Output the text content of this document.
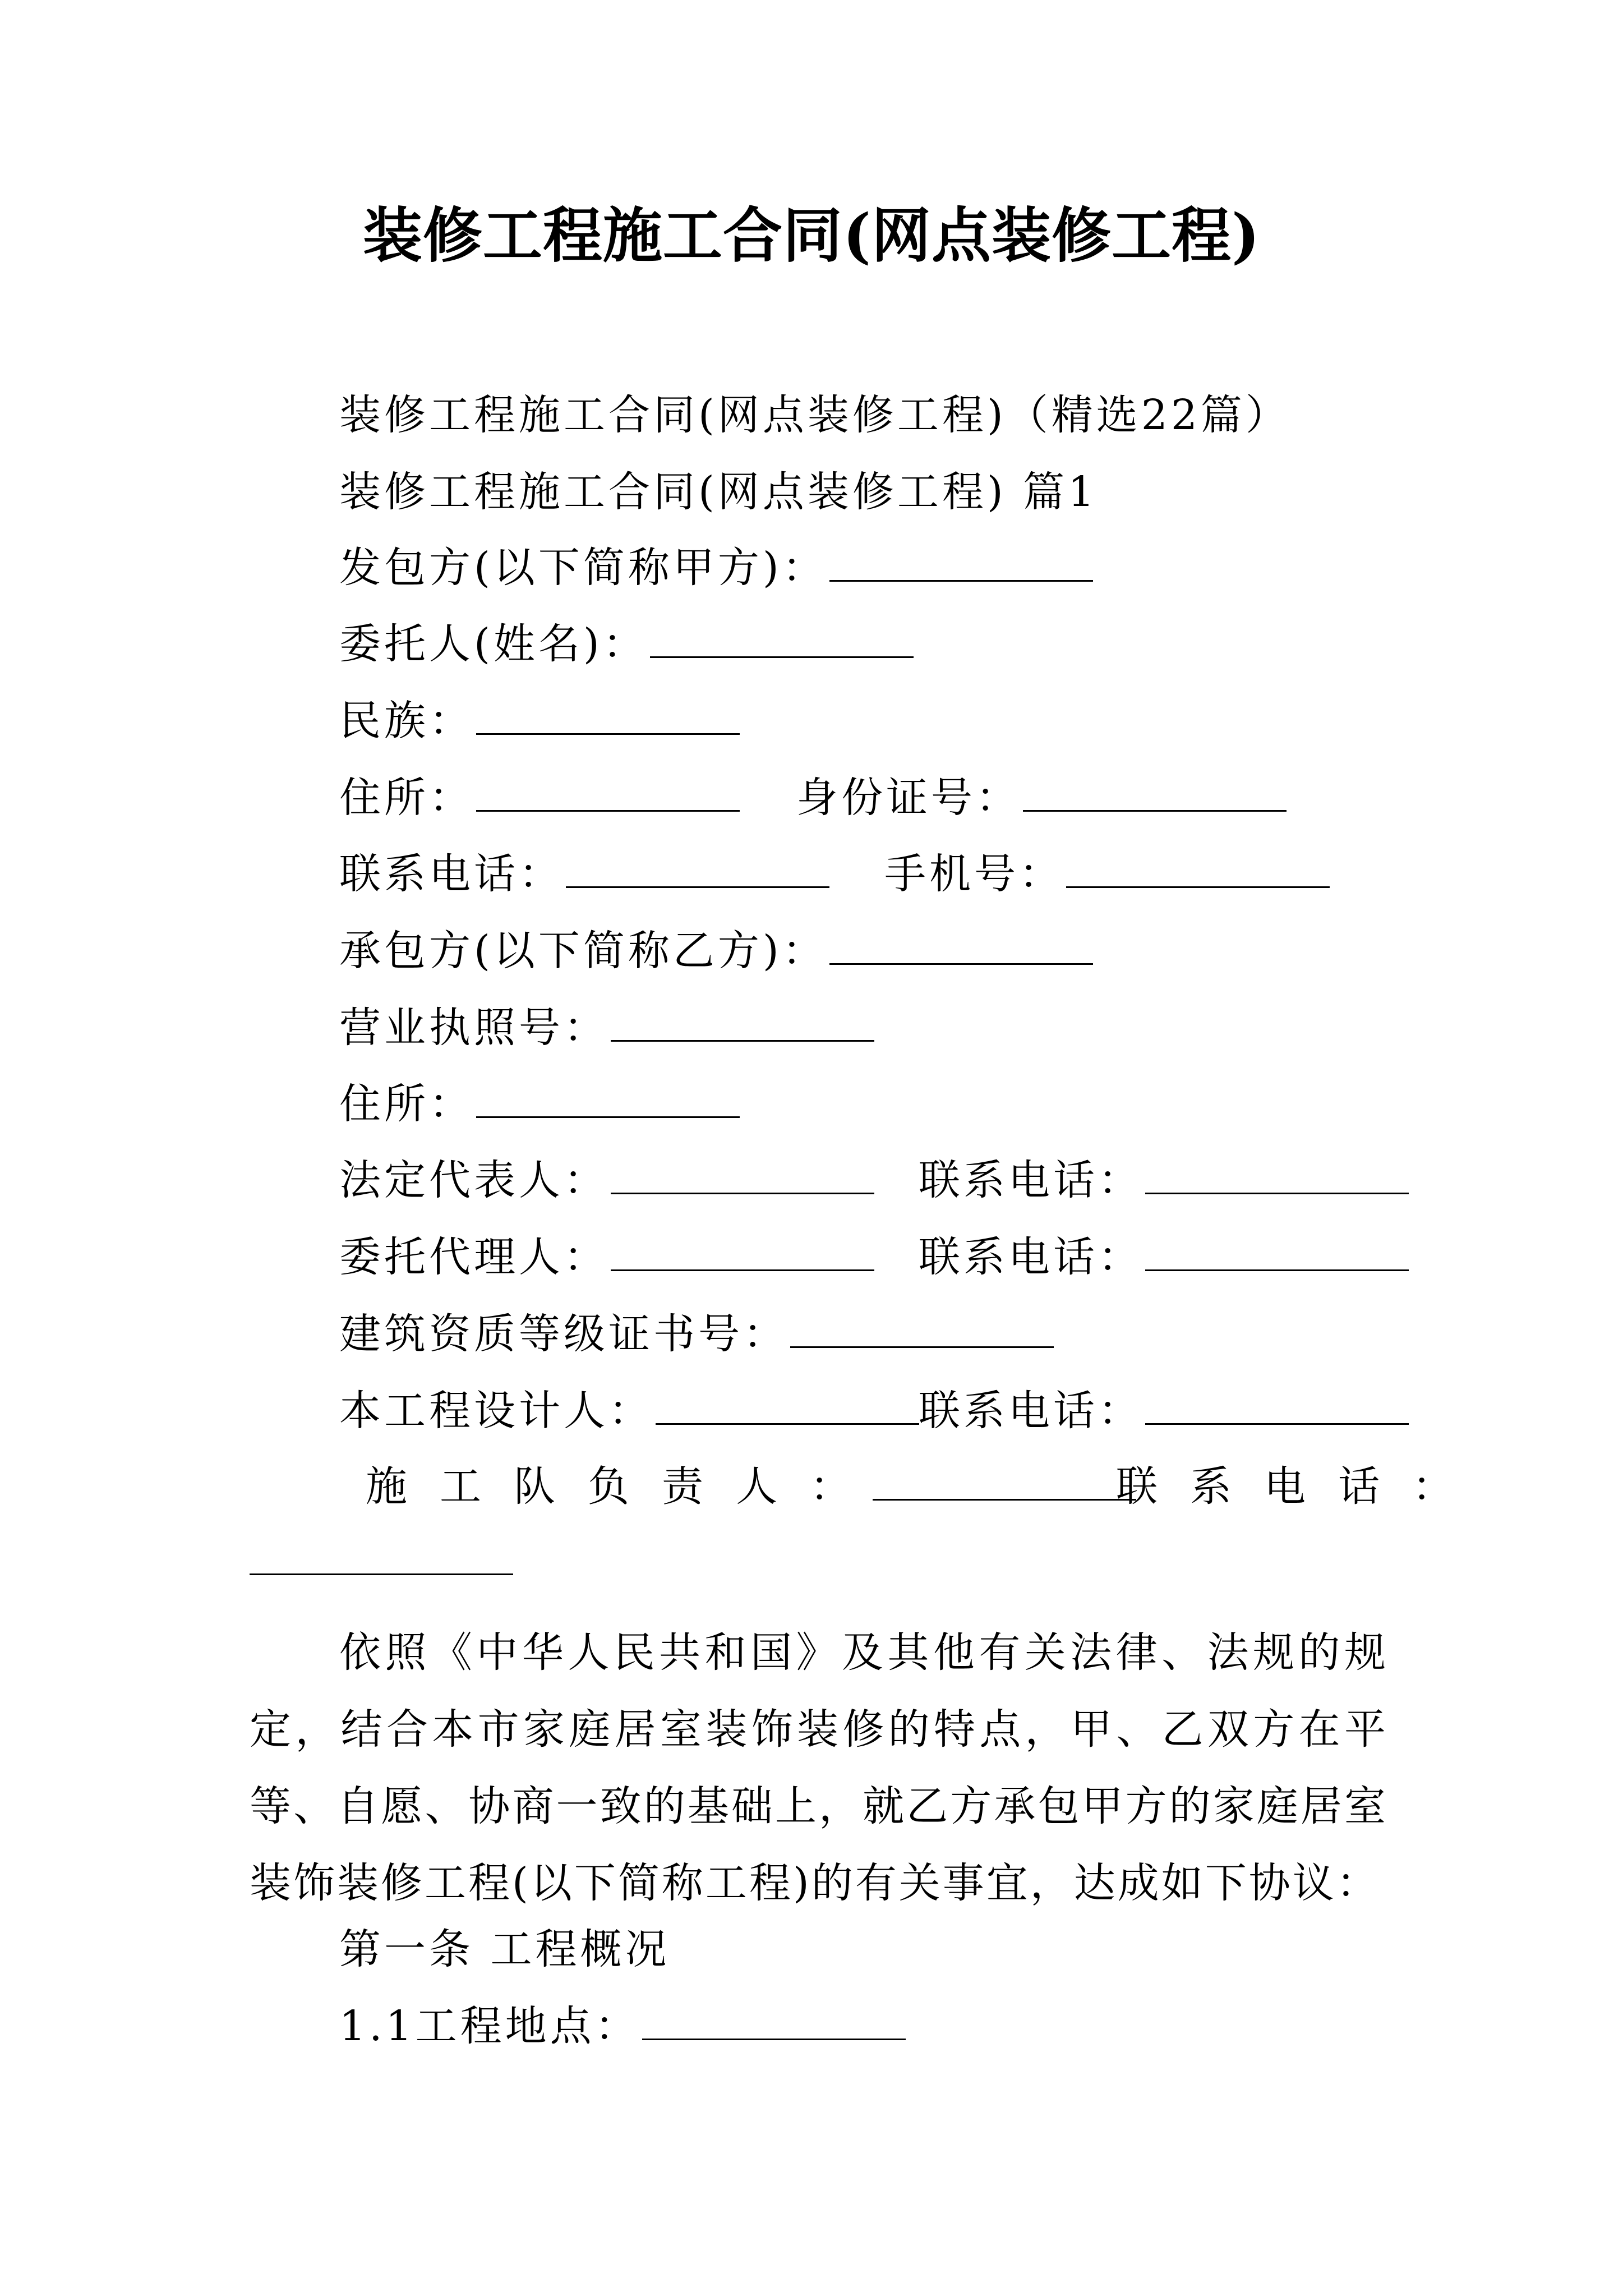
装修工程施工合同(网点装修工程)
装修工程施工合同(网点装修工程)（精选22篇）
装修工程施工合同(网点装修工程) 篇1
发包方(以下简称甲方)：
委托人(姓名)：
民族：
住所：	身份证号：
联系电话：	手机号：
承包方(以下简称乙方)：
营业执照号：
住所：
法定代表人：	联系电话：
委托代理人：	联系电话：
建筑资质等级证书号：
本工程设计人：	联系电话：
施工队负责人：	联系电话：
依照《中华人民共和国》及其他有关法律、法规的规定，结合本市家庭居室装饰装修的特点，甲、乙双方在平等、自愿、协商一致的基础上，就乙方承包甲方的家庭居室装饰装修工程(以下简称工程)的有关事宜，达成如下协议：
第一条 工程概况
1.1工程地点：
